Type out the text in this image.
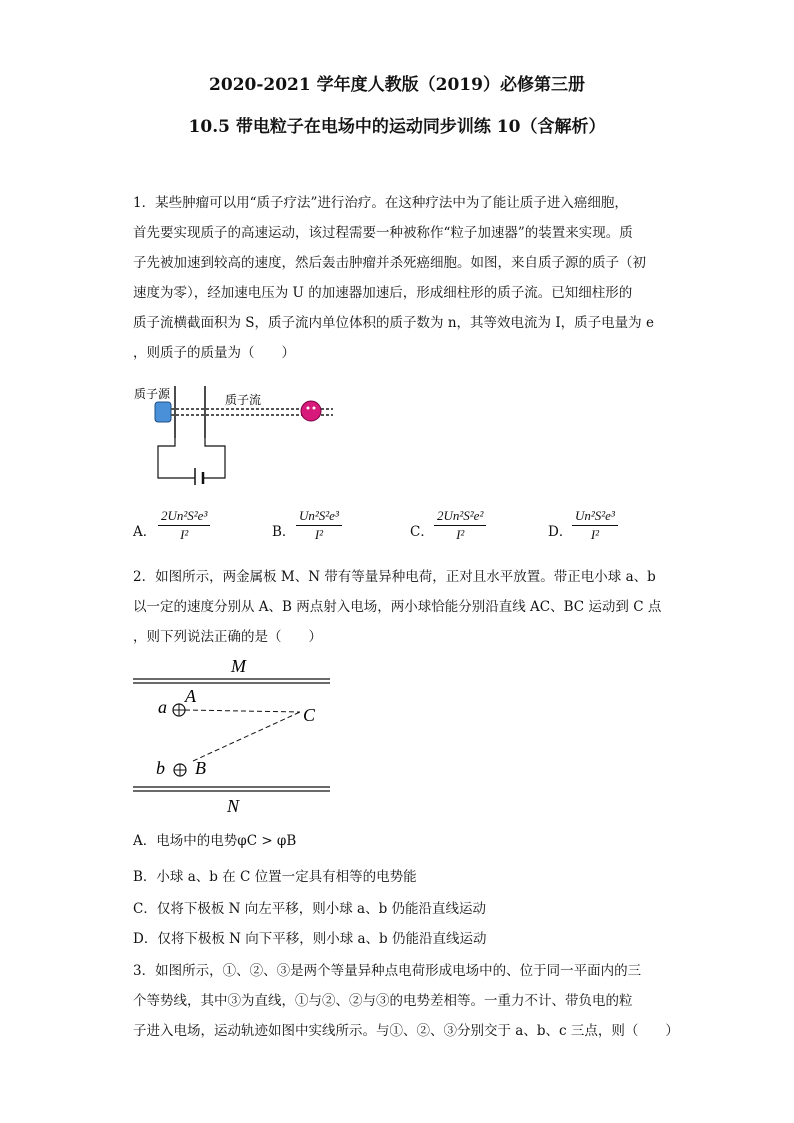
2020-2021 学年度人教版（2019）必修第三册
10.5 带电粒子在电场中的运动同步训练 10（含解析）
1．某些肿瘤可以用“质子疗法”进行治疗。在这种疗法中为了能让质子进入癌细胞，
首先要实现质子的高速运动，该过程需要一种被称作“粒子加速器”的装置来实现。质
子先被加速到较高的速度，然后轰击肿瘤并杀死癌细胞。如图，来自质子源的质子（初
速度为零），经加速电压为 U 的加速器加速后，形成细柱形的质子流。已知细柱形的
质子流横截面积为 S，质子流内单位体积的质子数为 n，其等效电流为 I，质子电量为 e
，则质子的质量为（　　）
质子源	质子流
A． $\frac{\text{2Un²S²e³}}{\text{I²}}$	B． $\frac{\text{Un²S²e³}}{\text{I²}}$	C． $\frac{\text{2Un²S²e²}}{\text{I²}}$	D． $\frac{\text{Un²S²e³}}{\text{I²}}$
2．如图所示，两金属板 M、N 带有等量异种电荷，正对且水平放置。带正电小球 a、b
以一定的速度分别从 A、B 两点射入电场，两小球恰能分别沿直线 AC、BC 运动到 C 点
，则下列说法正确的是（　　）
M
a
A
C
b B
N
A．电场中的电势φC > φB
B．小球 a、b 在 C 位置一定具有相等的电势能
C．仅将下极板 N 向左平移，则小球 a、b 仍能沿直线运动
D．仅将下极板 N 向下平移，则小球 a、b 仍能沿直线运动
3．如图所示，①、②、③是两个等量异种点电荷形成电场中的、位于同一平面内的三
个等势线，其中③为直线，①与②、②与③的电势差相等。一重力不计、带负电的粒
子进入电场，运动轨迹如图中实线所示。与①、②、③分别交于 a、b、c 三点，则（　　）
